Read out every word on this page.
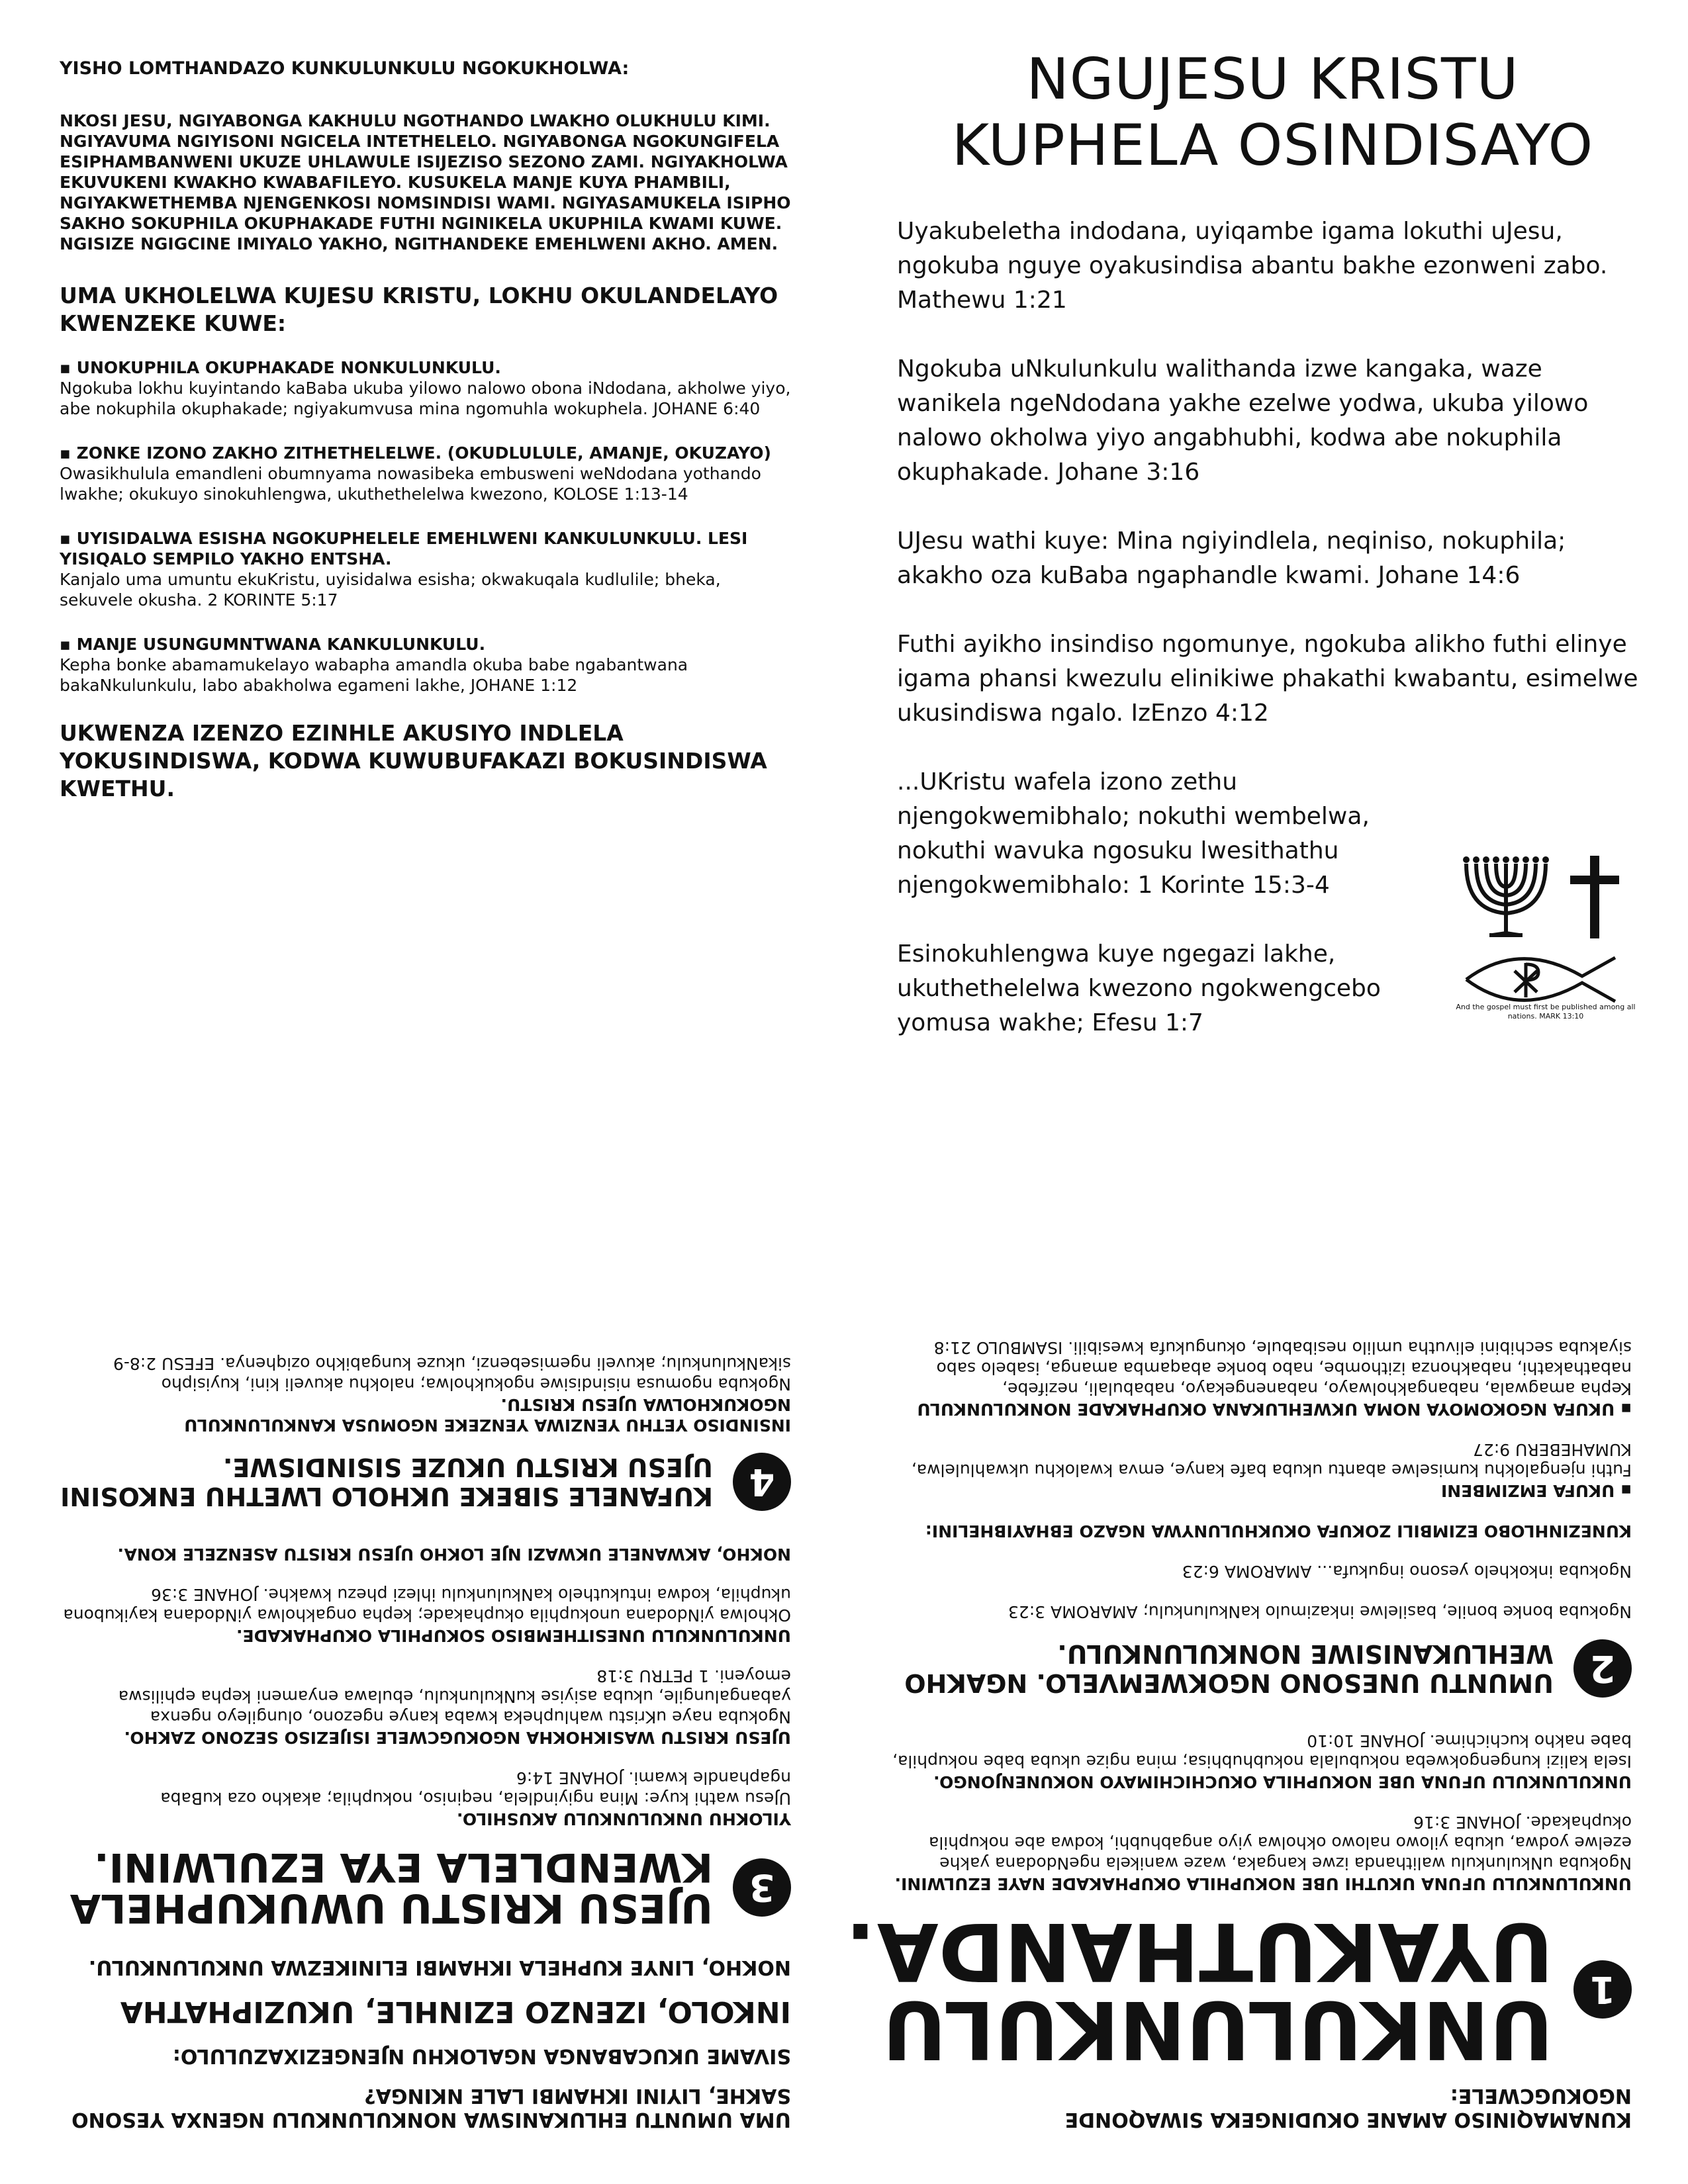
YISHO LOMTHANDAZO KUNKULUNKULU NGOKUKHOLWA:
NKOSI JESU, NGIYABONGA KAKHULU NGOTHANDO LWAKHO OLUKHULU KIMI. NGIYAVUMA NGIYISONI NGICELA INTETHELELO. NGIYABONGA NGOKUNGIFELA ESIPHAMBANWENI UKUZE UHLAWULE ISIJEZISO SEZONO ZAMI. NGIYAKHOLWA EKUVUKENI KWAKHO KWABAFILEYO. KUSUKELA MANJE KUYA PHAMBILI, NGIYAKWETHEMBA NJENGENKOSI NOMSINDISI WAMI. NGIYASAMUKELA ISIPHO SAKHO SOKUPHILA OKUPHAKADE FUTHI NGINIKELA UKUPHILA KWAMI KUWE. NGISIZE NGIGCINE IMIYALO YAKHO, NGITHANDEKE EMEHLWENI AKHO. AMEN.
UMA UKHOLELWA KUJESU KRISTU, LOKHU OKULANDELAYO KWENZEKE KUWE:
▪ UNOKUPHILA OKUPHAKADE NONKULUNKULU.
Ngokuba lokhu kuyintando kaBaba ukuba yilowo nalowo obona iNdodana, akholwe yiyo, abe nokuphila okuphakade; ngiyakumvusa mina ngomuhla wokuphela. JOHANE 6:40
▪ ZONKE IZONO ZAKHO ZITHETHELELWE. (OKUDLULULE, AMANJE, OKUZAYO)
Owasikhulula emandleni obumnyama nowasibeka embusweni weNdodana yothando lwakhe; okukuyo sinokuhlengwa, ukuthethelelwa kwezono, KOLOSE 1:13-14
▪ UYISIDALWA ESISHA NGOKUPHELELE EMEHLWENI KANKULUNKULU. LESI YISIQALO SEMPILO YAKHO ENTSHA.
Kanjalo uma umuntu ekuKristu, uyisidalwa esisha; okwakuqala kudlulile; bheka, sekuvele okusha. 2 KORINTE 5:17
▪ MANJE USUNGUMNTWANA KANKULUNKULU.
Kepha bonke abamamukelayo wabapha amandla okuba babe ngabantwana bakaNkulunkulu, labo abakholwa egameni lakhe, JOHANE 1:12
UKWENZA IZENZO EZINHLE AKUSIYO INDLELA YOKUSINDISWA, KODWA KUWUBUFAKAZI BOKUSINDISWA KWETHU.
NGUJESU KRISTU KUPHELA OSINDISAYO
Uyakubeletha indodana, uyiqambe igama lokuthi uJesu, ngokuba nguye oyakusindisa abantu bakhe ezonweni zabo. Mathewu 1:21
Ngokuba uNkulunkulu walithanda izwe kangaka, waze wanikela ngeNdodana yakhe ezelwe yodwa, ukuba yilowo nalowo okholwa yiyo angabhubhi, kodwa abe nokuphila okuphakade. Johane 3:16
UJesu wathi kuye: Mina ngiyindlela, neqiniso, nokuphila; akakho oza kuBaba ngaphandle kwami. Johane 14:6
Futhi ayikho insindiso ngomunye, ngokuba alikho futhi elinye igama phansi kwezulu elinikiwe phakathi kwabantu, esimelwe ukusindiswa ngalo. IzEnzo 4:12
...UKristu wafela izono zethu njengokwemibhalo; nokuthi wembelwa, nokuthi wavuka ngosuku lwesithathu njengokwemibhalo: 1 Korinte 15:3-4
Esinokuhlengwa kuye ngegazi lakhe, ukuthethelelwa kwezono ngokwengcebo yomusa wakhe; Efesu 1:7
And the gospel must first be published among all nations. MARK 13:10
KUNAMAQINISO AMANE OKUDINGEKA SIWAQONDE NGOKUGCWELE:
1
UNKULUNKULU UYAKUTHANDA.
UNKULUNKULU UFUNA UKUTHI UBE NOKUPHILA OKUPHAKADE NAYE EZULWINI.
Ngokuba uNkulunkulu walithanda izwe kangaka, waze wanikela ngeNdodana yakhe ezelwe yodwa, ukuba yilowo nalowo okholwa yiyo angabhubhi, kodwa abe nokuphila okuphakade. JOHANE 3:16
UNKULUNKULU UFUNA UBE NOKUPHILA OKUCHICHIMAYO NOKUNENJONGO.
Isela kalizi kungengokweba nokubulala nokubhubhisa; mina ngize ukuba babe nokuphila, babe nakho kuchichime. JOHANE 10:10
2
UMUNTU UNESONO NGOKWEMVELO. NGAKHO WEHLUKANISIWE NONKULUNKULU.
Ngokuba bonke bonile, basilelwe inkazimulo kaNkulunkulu; AMAROMA 3:23
Ngokuba inkokhelo yesono ingukufa... AMAROMA 6:23
KUNEZINHLOBO EZIMBILI ZOKUFA OKUKHULUNYWA NGAZO EBHAYIBHELINI:
▪ UKUFA EMZIMBENI
Futhi njengalokhu kumiselwe abantu ukuba bafe kanye, emva kwalokhu ukwahlulelwa, KUMAHEBERU 9:27
▪ UKUFA NGOKOMOYA NOMA UKWEHLUKANA OKUPHAKADE NONKULUNKULU
Kepha amagwala, nabangakholwayo, nabanengekayo, nababulali, nezifebe, nabathakathi, nabakhonza izithombe, nabo bonke abaqamba amanga, isabelo sabo siyakuba sechibini elivutha umlilo nesibabule, okungukufa kwesibili. ISAMBULO 21:8
UMA UMUNTU EHLUKANISWA NONKULUNKULU NGENXA YESONO SAKHE, LIYINI IKHAMBI LALE NKINGA?
SIVAME UKUCABANGA NGALOKHU NJENGEZIXAZULULO:
INKOLO, IZENZO EZINHLE, UKUZIPHATHA
NOKHO, LINYE KUPHELA IKHAMBI ELINIKEZWA UNKULUNKULU.
3
UJESU KRISTU UWUKUPHELA KWENDLELA EYA EZULWINI.
YILOKHU UNKULUNKULU AKUSHILO.
UJesu wathi kuye: Mina ngiyindlela, neqiniso, nokuphila; akakho oza kuBaba ngaphandle kwami. JOHANE 14:6
UJESU KRISTU WASIKHOKHA NGOKUGCWELE ISIJEZISO SEZONO ZAKHO.
Ngokuba naye uKristu wahlupheka kwaba kanye ngezono, olungileyo ngenxa yabangalungile, ukuba asiyise kuNkulunkulu, ebulawa enyameni kepha ephiliswa emoyeni. 1 PETRU 3:18
UNKULUNKULU UNESITHEMBISO SOKUPHILA OKUPHAKADE.
Okholwa yiNdodana unokuphila okuphakade; kepha ongakholwa yiNdodana kayikubona ukuphila, kodwa intukuthelo kaNkulunkulu ihlezi phezu kwakhe. JOHANE 3:36
NOKHO, AKWANELE UKWAZI NJE LOKHO UJESU KRISTU ASENZELE KONA.
4
KUFANELE SIBEKE UKHOLO LWETHU ENKOSINI UJESU KRISTU UKUZE SISINDISWE.
INSINDISO YETHU YENZIWA YENZEKE NGOMUSA KANKULUNKULU NGOKUKHOLWA UJESU KRISTU.
Ngokuba ngomusa nisindisiwe ngokukholwa; nalokhu akuveli kini, kuyisipho sikaNkulunkulu; akuveli ngemisebenzi, ukuze kungabikho oziqhenya. EFESU 2:8-9
